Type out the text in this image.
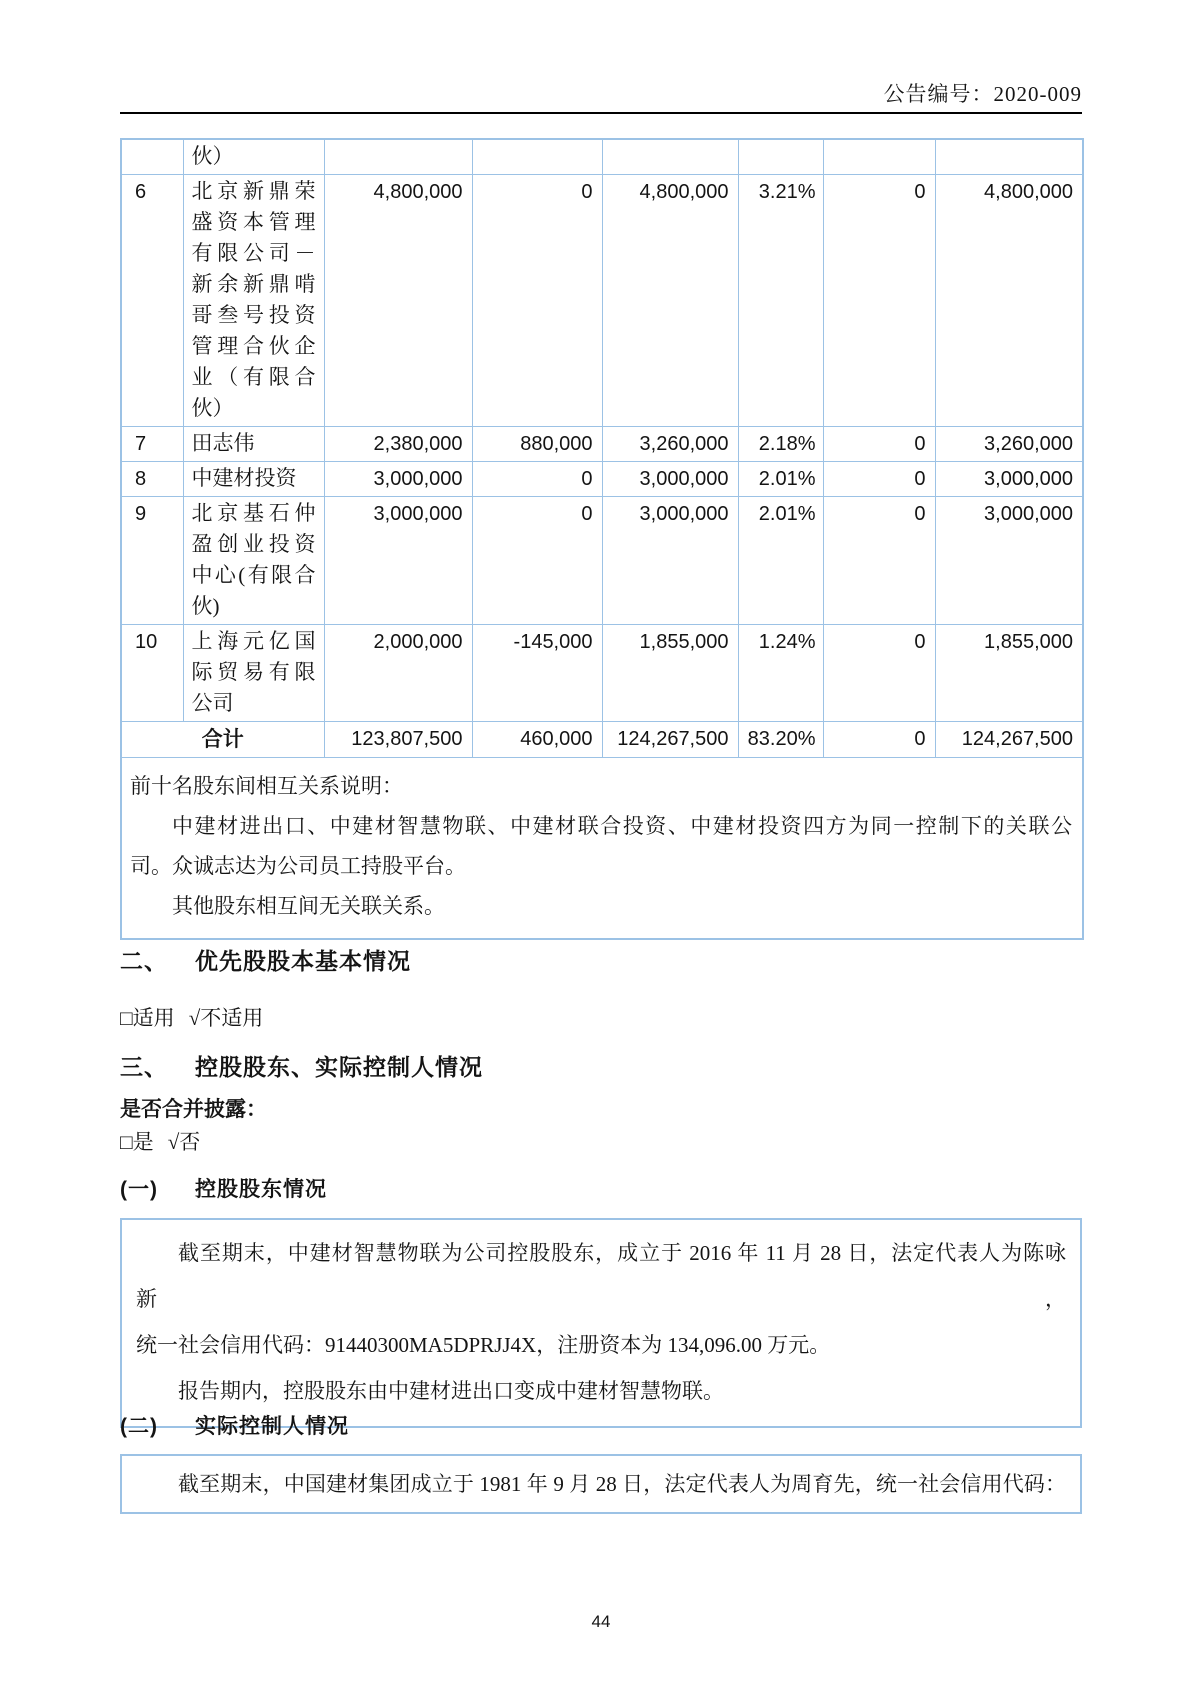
公告编号：2020-009
	伙）						
6	北京新鼎荣盛资本管理有限公司－新余新鼎啃哥叁号投资管理合伙企业（有限合伙）	4,800,000	0	4,800,000	3.21%	0	4,800,000
7	田志伟	2,380,000	880,000	3,260,000	2.18%	0	3,260,000
8	中建材投资	3,000,000	0	3,000,000	2.01%	0	3,000,000
9	北京基石仲盈创业投资中心(有限合伙)	3,000,000	0	3,000,000	2.01%	0	3,000,000
10	上海元亿国际贸易有限公司	2,000,000	-145,000	1,855,000	1.24%	0	1,855,000
合计		123,807,500	460,000	124,267,500	83.20%	0	124,267,500

前十名股东间相互关系说明：
中建材进出口、中建材智慧物联、中建材联合投资、中建材投资四方为同一控制下的关联公
司。众诚志达为公司员工持股平台。
其他股东相互间无关联关系。							
二、 优先股股本基本情况
□适用 √不适用
三、 控股股东、实际控制人情况
是否合并披露：
□是 √否
(一) 控股股东情况
截至期末，中建材智慧物联为公司控股股东，成立于 2016 年 11 月 28 日，法定代表人为陈咏新，
统一社会信用代码：91440300MA5DPRJJ4X，注册资本为 134,096.00 万元。
报告期内，控股股东由中建材进出口变成中建材智慧物联。
(二) 实际控制人情况
截至期末，中国建材集团成立于 1981 年 9 月 28 日，法定代表人为周育先，统一社会信用代码：
44
